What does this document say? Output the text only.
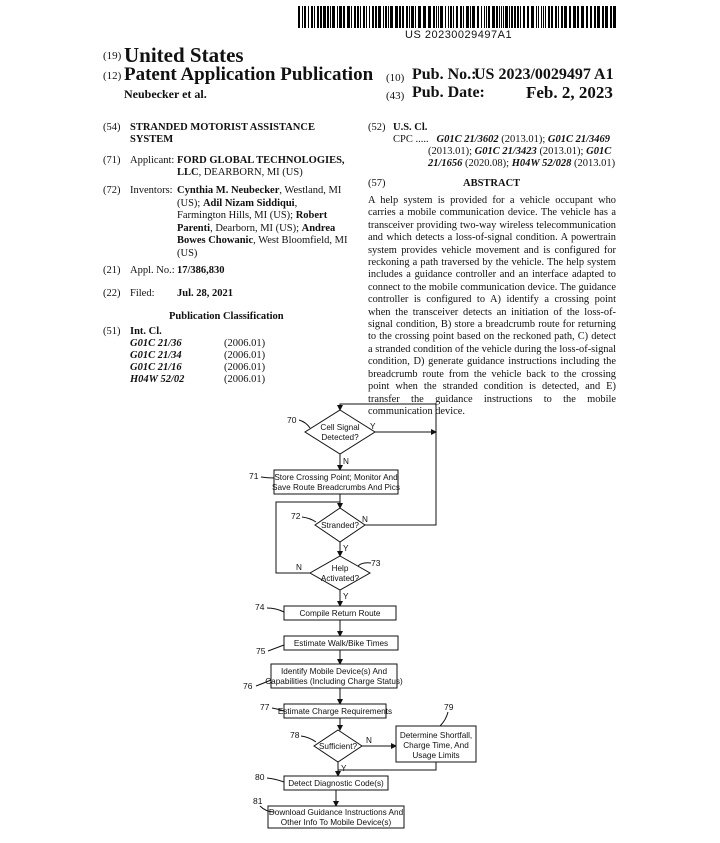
US 20230029497A1
(19) United States
(12) Patent Application Publication
Neubecker et al.
(10) Pub. No.:
US 2023/0029497 A1
(43) Pub. Date: Feb. 2, 2023
(54) STRANDED MOTORIST ASSISTANCE
SYSTEM
(71) Applicant: FORD GLOBAL TECHNOLOGIES,
LLC, DEARBORN, MI (US)
(72) Inventors: Cynthia M. Neubecker, Westland, MI
(US); Adil Nizam Siddiqui,
Farmington Hills, MI (US); Robert
Parenti, Dearborn, MI (US); Andrea
Bowes Chowanic, West Bloomfield, MI
(US)
(21) Appl. No.: 17/386,830
(22) Filed: Jul. 28, 2021
Publication Classification
(51) Int. Cl.
G01C 21/36	(2006.01)
G01C 21/34	(2006.01)
G01C 21/16	(2006.01)
H04W 52/02	(2006.01)
(52) U.S. Cl.
CPC ..... G01C 21/3602 (2013.01); G01C 21/3469
(2013.01); G01C 21/3423 (2013.01); G01C
21/1656 (2020.08); H04W 52/028 (2013.01)
(57)	ABSTRACT
A help system is provided for a vehicle occupant who carries a mobile communication device. The vehicle has a transceiver providing two-way wireless telecommunication and which detects a loss-of-signal condition. A powertrain system provides vehicle movement and is configured for reckoning a path traversed by the vehicle. The help system includes a guidance controller and an interface adapted to connect to the mobile communication device. The guidance controller is configured to A) identify a crossing point when the transceiver detects an initiation of the loss-of-signal condition, B) store a breadcrumb route for returning to the crossing point based on the reckoned path, C) detect a stranded condition of the vehicle during the loss-of-signal condition, D) generate guidance instructions including the breadcrumb route from the vehicle back to the crossing point when the stranded condition is detected, and E) transfer the guidance instructions to the mobile communication device.
Cell Signal
Detected?
70
Y
N
Store Crossing Point; Monitor And
Save Route Breadcrumbs And Pics
71
Stranded?
72	N
Y
Help
Activated?
73
N
Y
Compile Return Route
74
Estimate Walk/Bike Times
75
Identify Mobile Device(s) And
Capabilities (Including Charge Status)
76
Estimate Charge Requirements
77
Sufficient?
78
N
Y
Determine Shortfall,
Charge Time, And
Usage Limits
79
Detect Diagnostic Code(s)
80
Download Guidance Instructions And
Other Info To Mobile Device(s)
81
